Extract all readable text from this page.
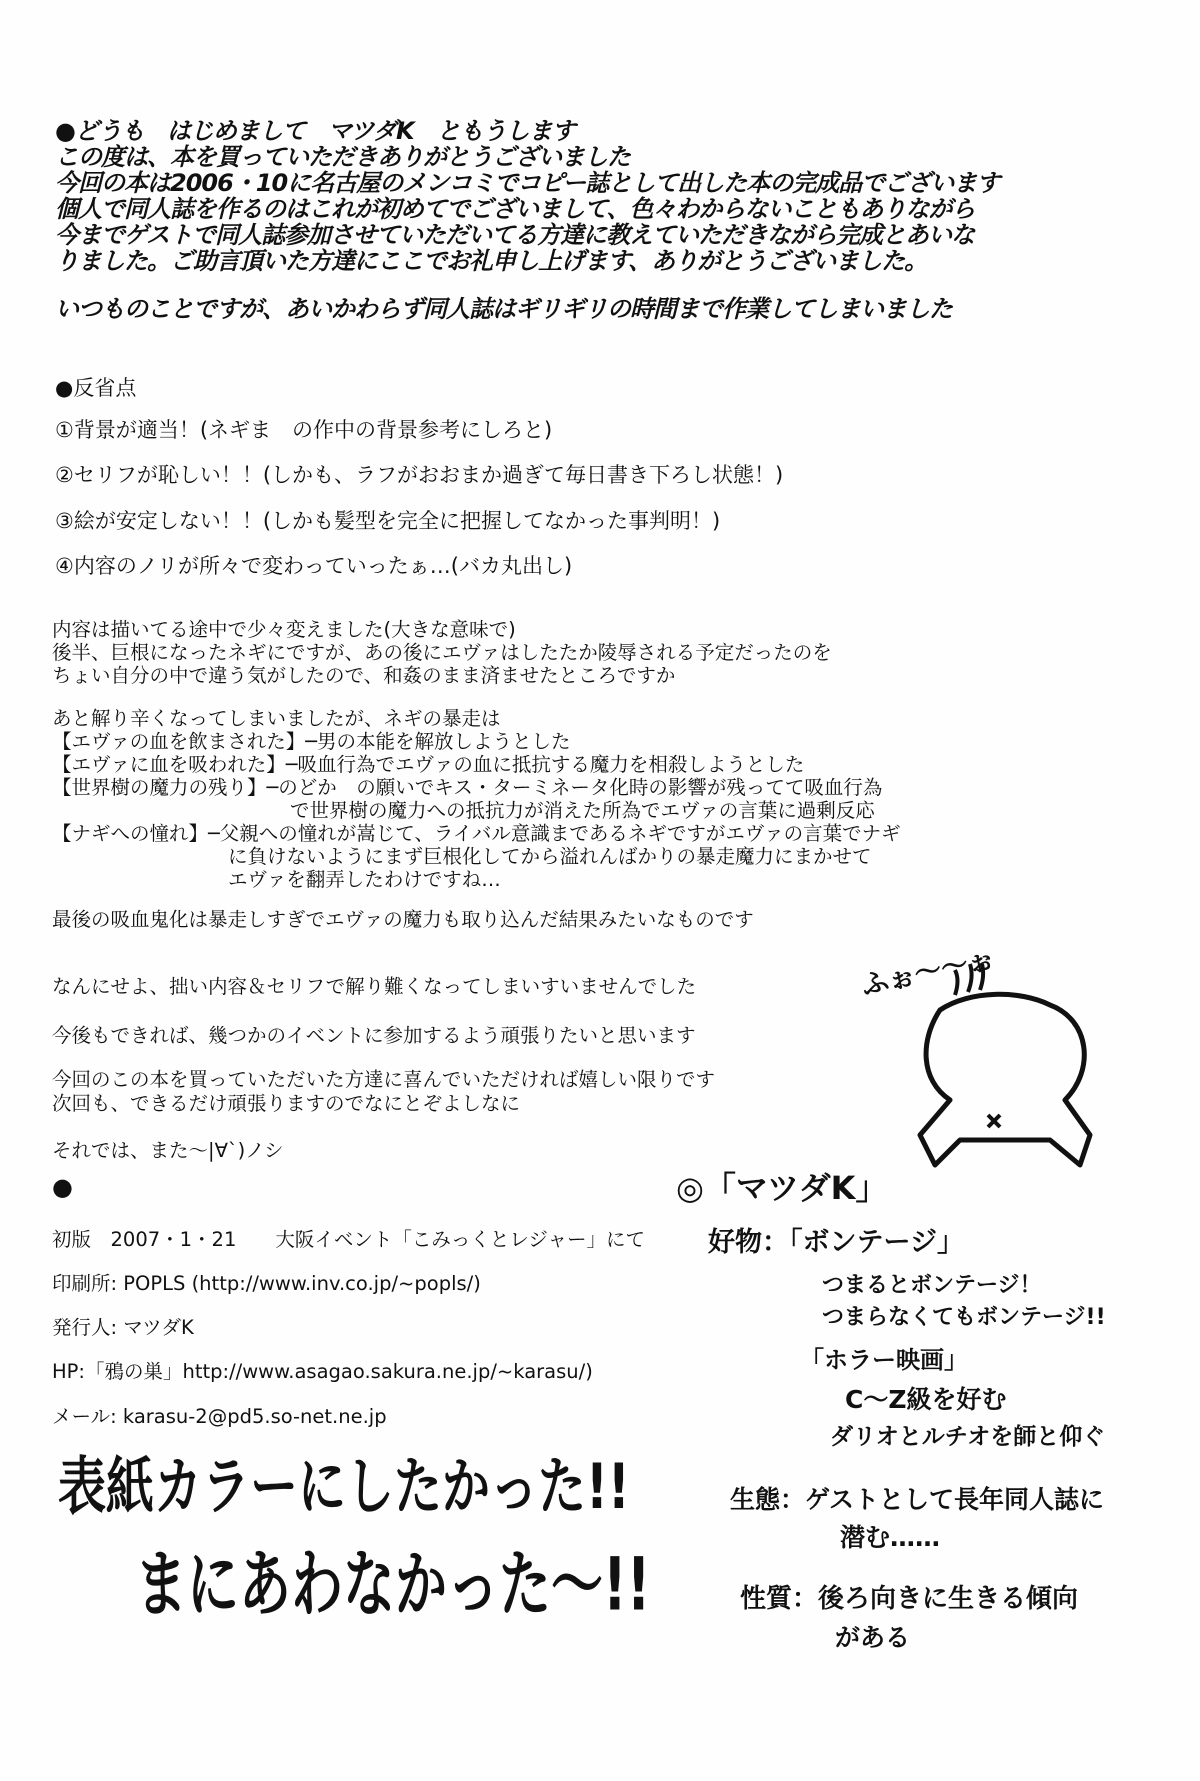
●どうも　はじめまして　マツダK　ともうします

この度は、本を買っていただきありがとうございました

今回の本は2006・10に名古屋のメンコミでコピー誌として出した本の完成品でございます

個人で同人誌を作るのはこれが初めてでございまして、色々わからないこともありながら

今までゲストで同人誌参加させていただいてる方達に教えていただきながら完成とあいな

りました。ご助言頂いた方達にここでお礼申し上げます、ありがとうございました。

いつものことですが、あいかわらず同人誌はギリギリの時間まで作業してしまいました

●反省点

①背景が適当！(ネギま　の作中の背景参考にしろと)

②セリフが恥しい！！(しかも、ラフがおおまか過ぎて毎日書き下ろし状態！)

③絵が安定しない！！(しかも髪型を完全に把握してなかった事判明！)

④内容のノリが所々で変わっていったぁ…(バカ丸出し)

内容は描いてる途中で少々変えました(大きな意味で)

後半、巨根になったネギにですが、あの後にエヴァはしたたか陵辱される予定だったのを

ちょい自分の中で違う気がしたので、和姦のまま済ませたところですか

あと解り辛くなってしまいましたが、ネギの暴走は

【エヴァの血を飲まされた】─男の本能を解放しようとした

【エヴァに血を吸われた】─吸血行為でエヴァの血に抵抗する魔力を相殺しようとした

【世界樹の魔力の残り】─のどか　の願いでキス・ターミネータ化時の影響が残ってて吸血行為

で世界樹の魔力への抵抗力が消えた所為でエヴァの言葉に過剰反応

【ナギへの憧れ】─父親への憧れが嵩じて、ライバル意識まであるネギですがエヴァの言葉でナギ

に負けないようにまず巨根化してから溢れんばかりの暴走魔力にまかせて

エヴァを翻弄したわけですね…

最後の吸血鬼化は暴走しすぎでエヴァの魔力も取り込んだ結果みたいなものです

なんにせよ、拙い内容＆セリフで解り難くなってしまいすいませんでした

今後もできれば、幾つかのイベントに参加するよう頑張りたいと思います

今回のこの本を買っていただいた方達に喜んでいただければ嬉しい限りです

次回も、できるだけ頑張りますのでなにとぞよしなに

それでは、また～|∀`)ノシ

●

初版　2007・1・21　　大阪イベント「こみっくとレジャー」にて

印刷所: POPLS (http://www.inv.co.jp/~popls/)

発行人: マツダK

HP:「鴉の巣」http://www.asagao.sakura.ne.jp/~karasu/)

メール: karasu-2@pd5.so-net.ne.jp

表紙カラーにしたかった!!

まにあわなかった～!!

ふぉ～～ぉ

◎「マツダK」

好物：「ボンテージ」

つまるとボンテージ！

つまらなくてもボンテージ!!

「ホラー映画」

C～Z級を好む

ダリオとルチオを師と仰ぐ

生態：ゲストとして長年同人誌に

潜む……

性質：後ろ向きに生きる傾向

がある
